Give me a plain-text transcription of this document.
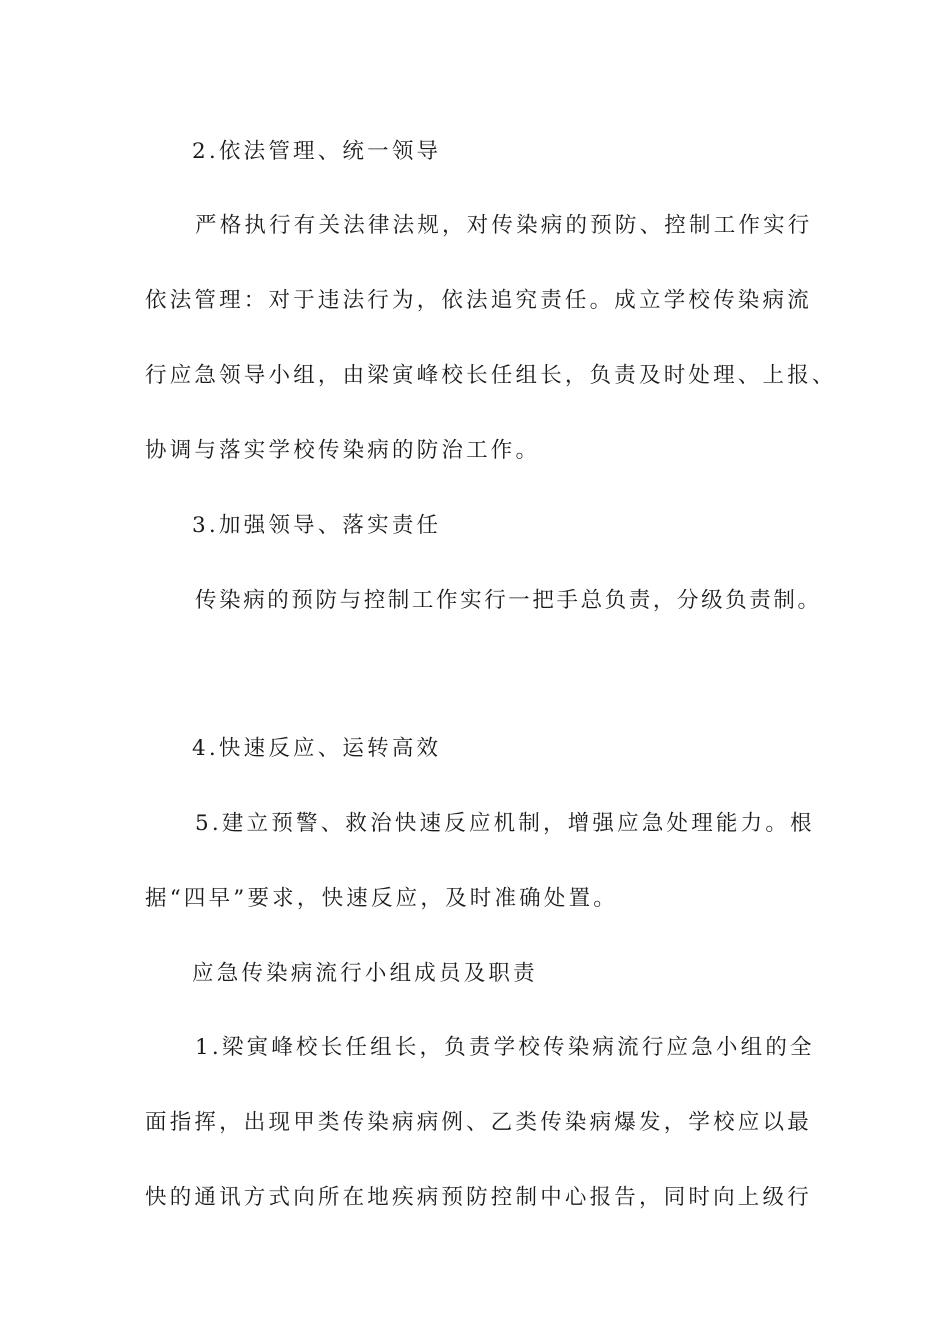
2.依法管理、统一领导
严格执行有关法律法规，对传染病的预防、控制工作实行
依法管理：对于违法行为，依法追究责任。成立学校传染病流
行应急领导小组，由梁寅峰校长任组长，负责及时处理、上报、
协调与落实学校传染病的防治工作。
3.加强领导、落实责任
传染病的预防与控制工作实行一把手总负责，分级负责制。
4.快速反应、运转高效
5.建立预警、救治快速反应机制，增强应急处理能力。根
据“四早”要求，快速反应，及时准确处置。
应急传染病流行小组成员及职责
1.梁寅峰校长任组长，负责学校传染病流行应急小组的全
面指挥，出现甲类传染病病例、乙类传染病爆发，学校应以最
快的通讯方式向所在地疾病预防控制中心报告，同时向上级行
